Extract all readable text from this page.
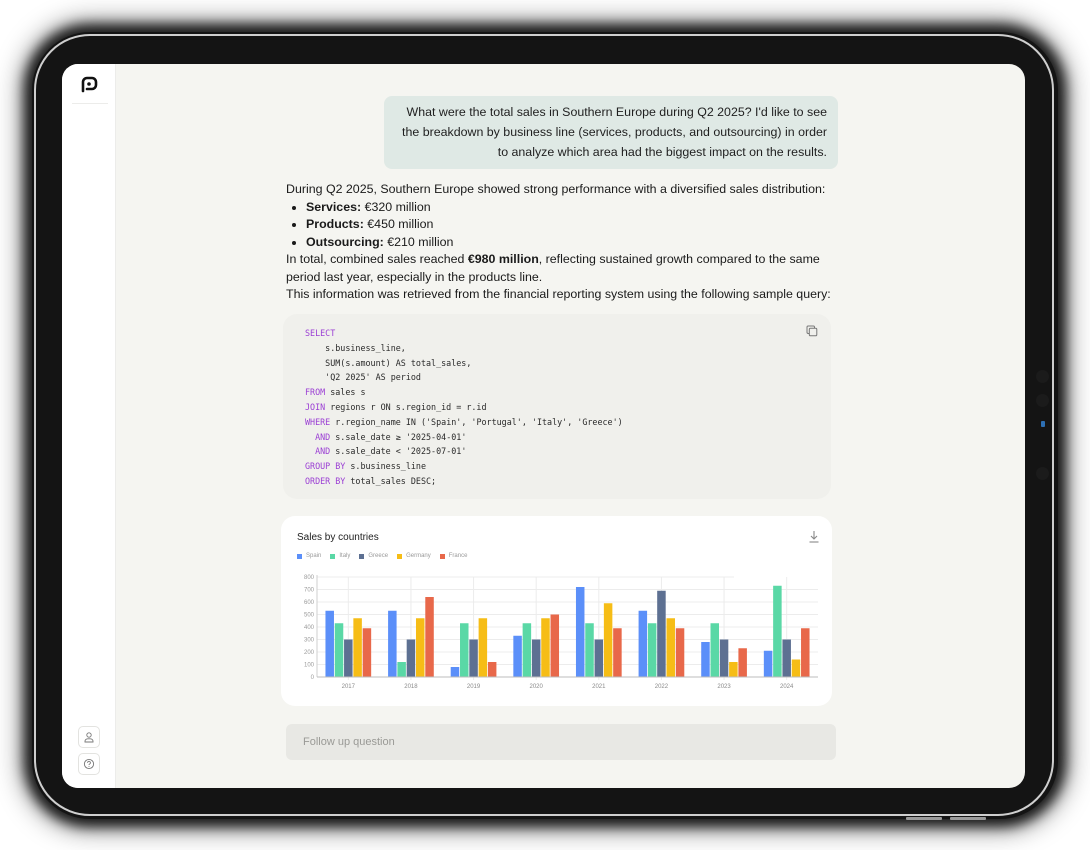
What were the total sales in Southern Europe during Q2 2025? I'd like to see the breakdown by business line (services, products, and outsourcing) in order to analyze which area had the biggest impact on the results.

During Q2 2025, Southern Europe showed strong performance with a diversified sales distribution:

• Services: €320 million
• Products: €450 million
• Outsourcing: €210 million

In total, combined sales reached €980 million, reflecting sustained growth compared to the same period last year, especially in the products line.

This information was retrieved from the financial reporting system using the following sample query:

SELECT
s.business_line,
SUM(s.amount) AS total_sales,
'Q2 2025' AS period
FROM sales s
JOIN regions r ON s.region_id = r.id
WHERE r.region_name IN ('Spain', 'Portugal', 'Italy', 'Greece')
AND s.sale_date ≥ '2025-04-01'
AND s.sale_date < '2025-07-01'
GROUP BY s.business_line
ORDER BY total_sales DESC;
Sales by countries
Spain	Italy	Greece	Germany	France
0
100
200
300
400
500
600
700
800
2017	2018	2019	2020	2021	2022	2023	2024
Follow up question
